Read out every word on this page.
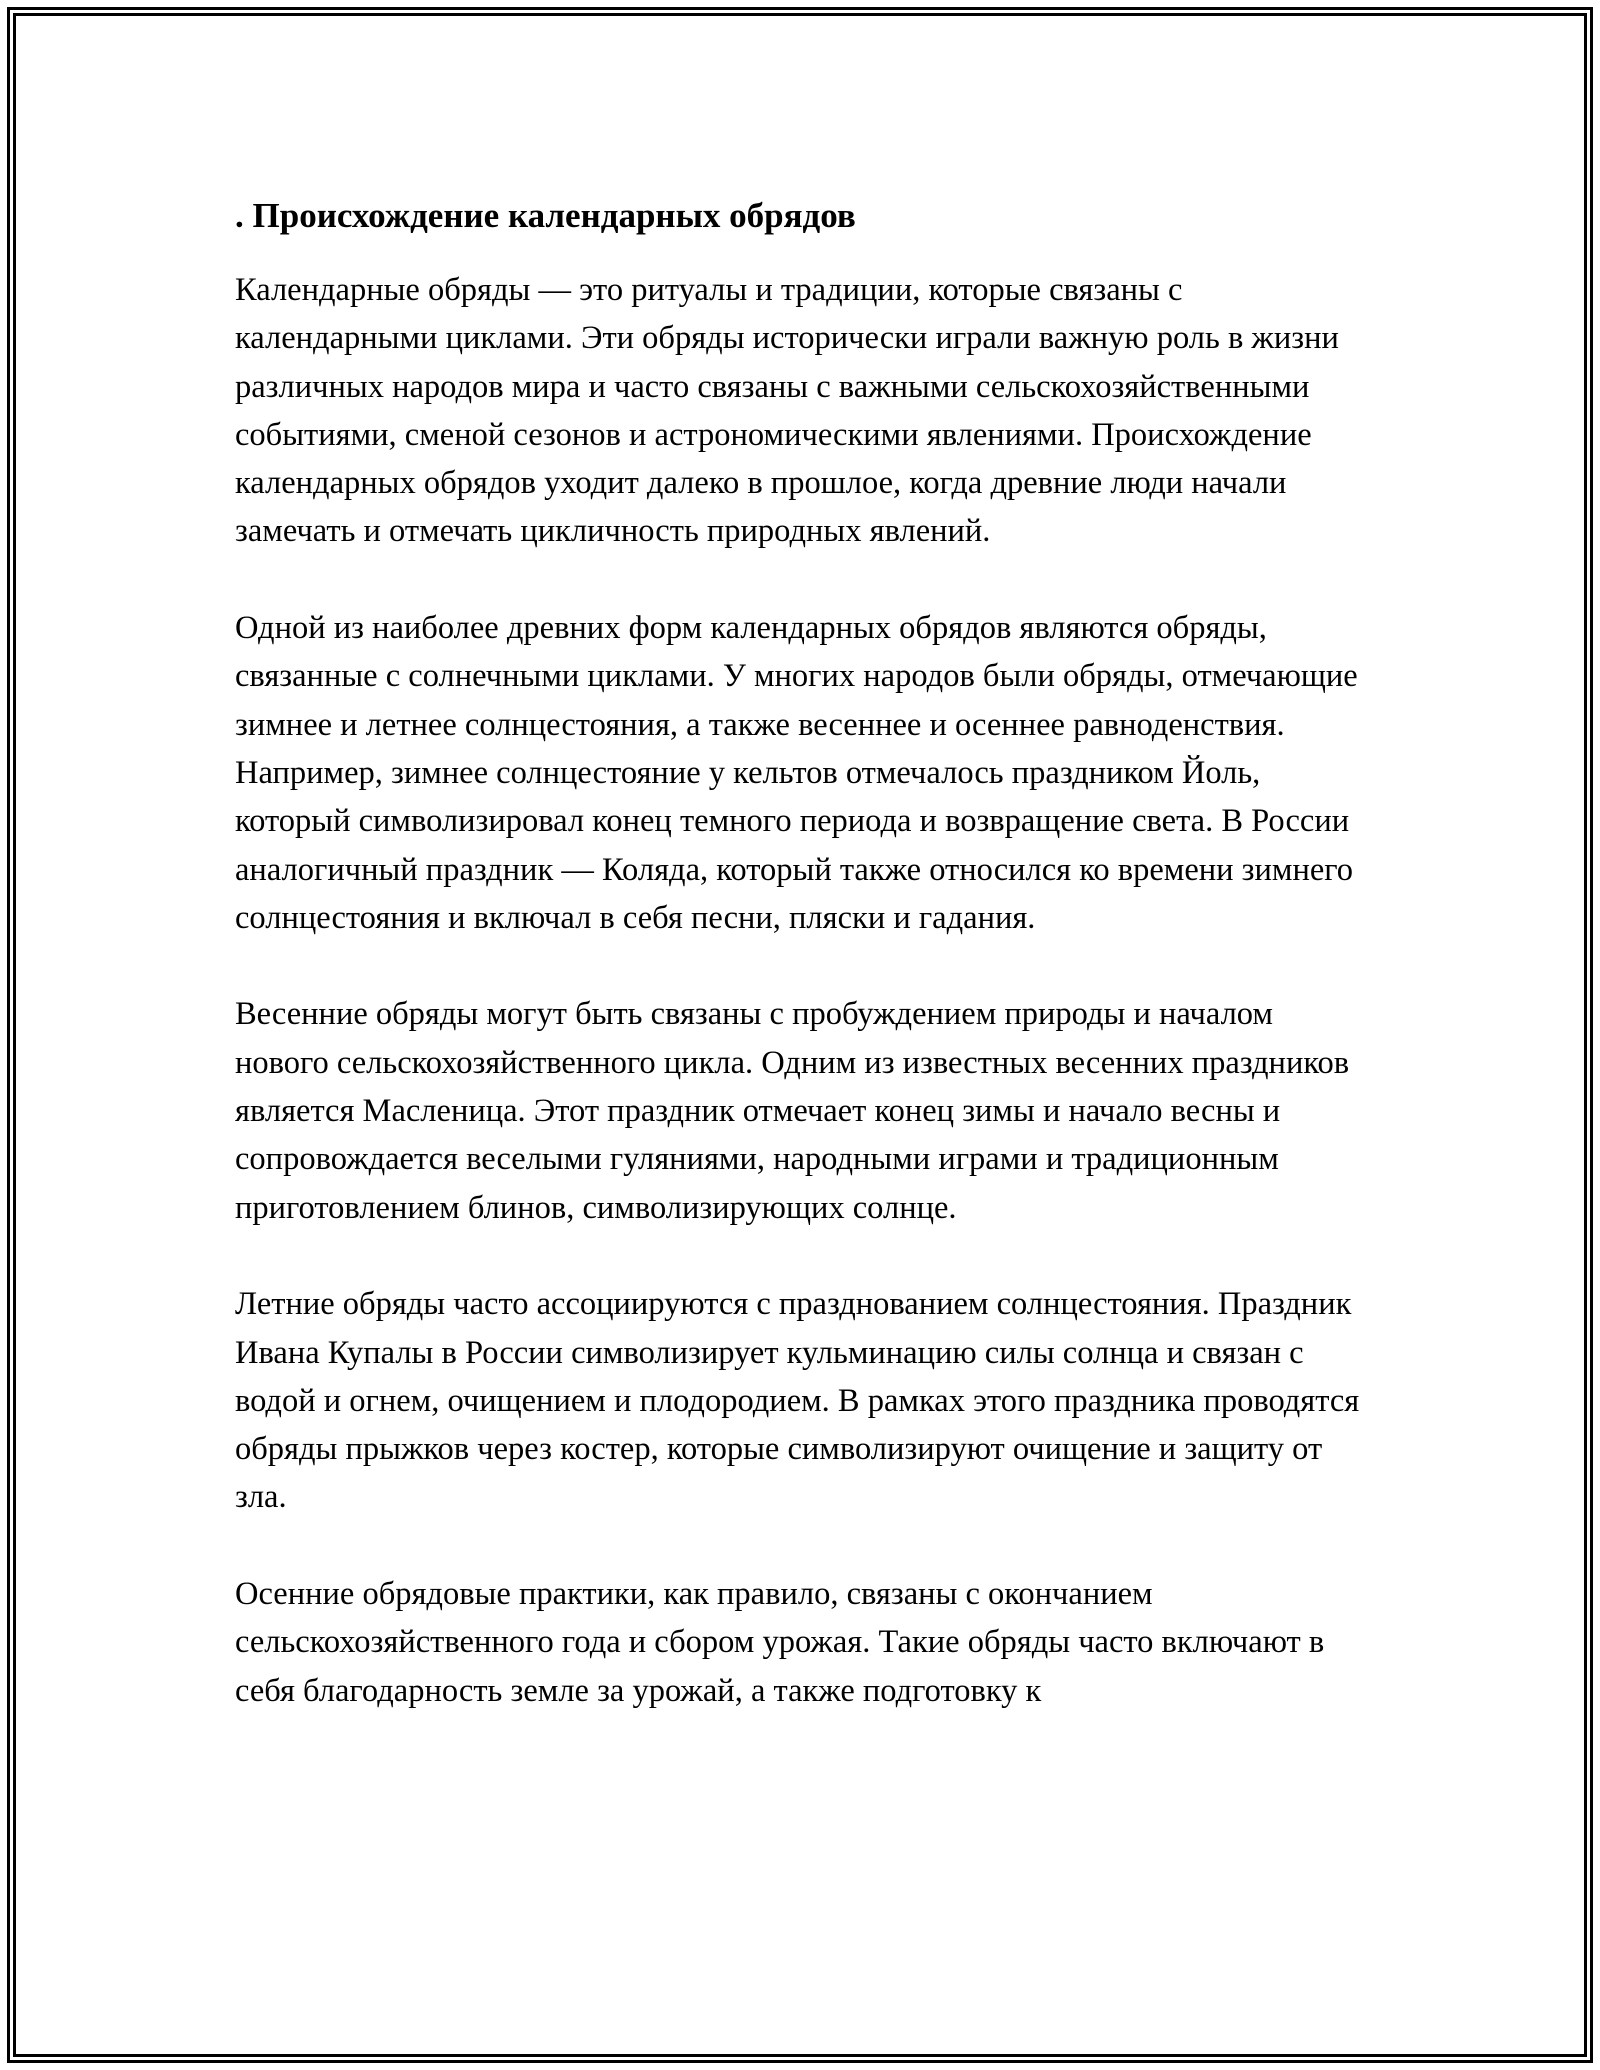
. Происхождение календарных обрядов
Календарные обряды — это ритуалы и традиции, которые связаны с календарными циклами. Эти обряды исторически играли важную роль в жизни различных народов мира и часто связаны с важными сельскохозяйственными событиями, сменой сезонов и астрономическими явлениями. Происхождение календарных обрядов уходит далеко в прошлое, когда древние люди начали замечать и отмечать цикличность природных явлений.
Одной из наиболее древних форм календарных обрядов являются обряды, связанные с солнечными циклами. У многих народов были обряды, отмечающие зимнее и летнее солнцестояния, а также весеннее и осеннее равноденствия. Например, зимнее солнцестояние у кельтов отмечалось праздником Йоль, который символизировал конец темного периода и возвращение света. В России аналогичный праздник — Коляда, который также относился ко времени зимнего солнцестояния и включал в себя песни, пляски и гадания.
Весенние обряды могут быть связаны с пробуждением природы и началом нового сельскохозяйственного цикла. Одним из известных весенних праздников является Масленица. Этот праздник отмечает конец зимы и начало весны и сопровождается веселыми гуляниями, народными играми и традиционным приготовлением блинов, символизирующих солнце.
Летние обряды часто ассоциируются с празднованием солнцестояния. Праздник Ивана Купалы в России символизирует кульминацию силы солнца и связан с водой и огнем, очищением и плодородием. В рамках этого праздника проводятся обряды прыжков через костер, которые символизируют очищение и защиту от зла.
Осенние обрядовые практики, как правило, связаны с окончанием сельскохозяйственного года и сбором урожая. Такие обряды часто включают в себя благодарность земле за урожай, а также подготовку к
